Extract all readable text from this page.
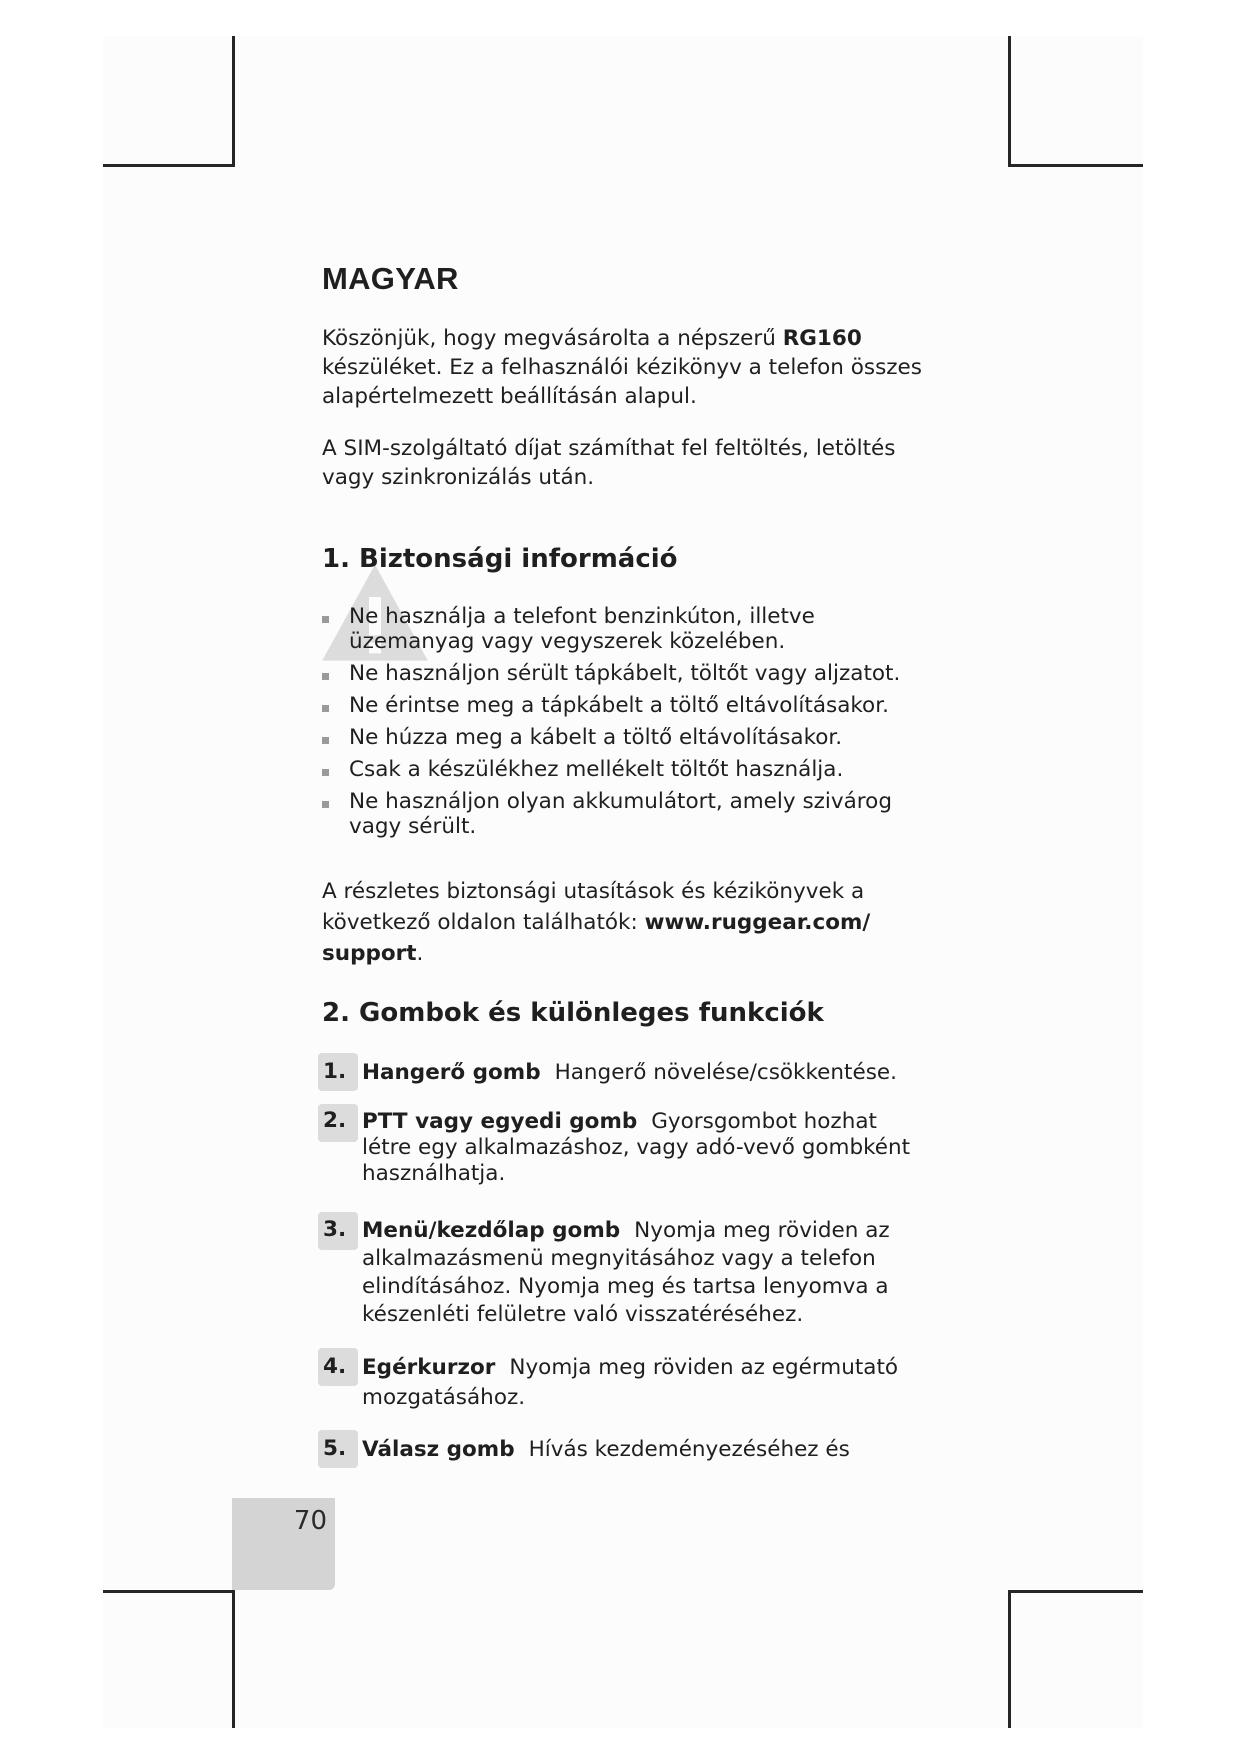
MAGYAR

Köszönjük, hogy megvásárolta a népszerű RG160 készüléket. Ez a felhasználói kézikönyv a telefon összes alapértelmezett beállításán alapul.

A SIM-szolgáltató díjat számíthat fel feltöltés, letöltés vagy szinkronizálás után.

1. Biztonsági információ
Ne használja a telefont benzinkúton, illetve üzemanyag vagy vegyszerek közelében.
Ne használjon sérült tápkábelt, töltőt vagy aljzatot.
Ne érintse meg a tápkábelt a töltő eltávolításakor.
Ne húzza meg a kábelt a töltő eltávolításakor.
Csak a készülékhez mellékelt töltőt használja.
Ne használjon olyan akkumulátort, amely szivárog vagy sérült.

A részletes biztonsági utasítások és kézikönyvek a következő oldalon találhatók: www.ruggear.com/ support.

2. Gombok és különleges funkciók
1. Hangerő gomb Hangerő növelése/csökkentése.
2. PTT vagy egyedi gomb Gyorsgombot hozhat létre egy alkalmazáshoz, vagy adó-vevő gombként használhatja.
3. Menü/kezdőlap gomb Nyomja meg röviden az alkalmazásmenü megnyitásához vagy a telefon elindításához. Nyomja meg és tartsa lenyomva a készenléti felületre való visszatéréséhez.
4. Egérkurzor Nyomja meg röviden az egérmutató mozgatásához.
5. Válasz gomb Hívás kezdeményezéséhez és
70
